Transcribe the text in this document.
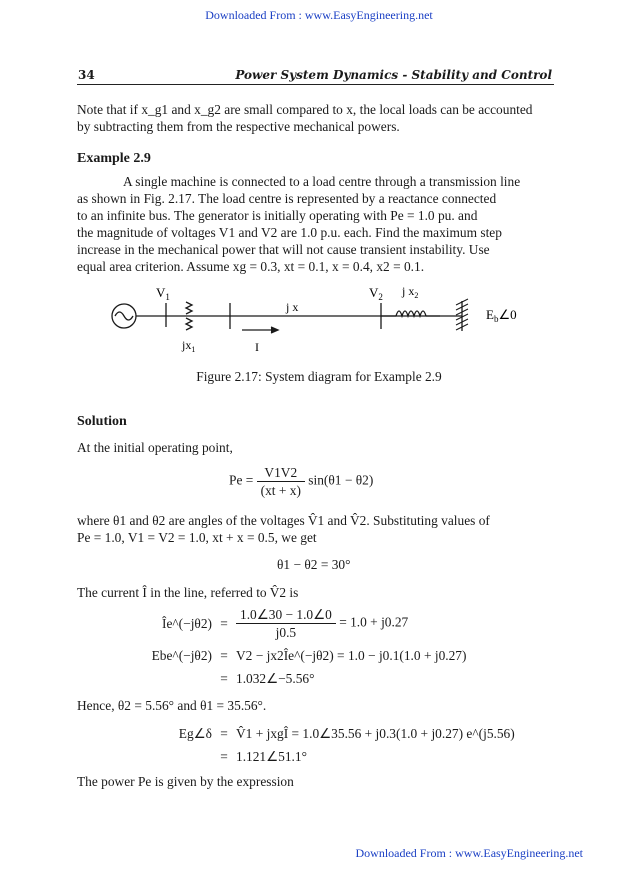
Downloaded From : www.EasyEngineering.net
34	Power System Dynamics - Stability and Control
Note that if x_g1 and x_g2 are small compared to x, the local loads can be accounted
by subtracting them from the respective mechanical powers.
Example 2.9
A single machine is connected to a load centre through a transmission line
as shown in Fig. 2.17. The load centre is represented by a reactance connected
to an infinite bus. The generator is initially operating with Pe = 1.0 pu. and
the magnitude of voltages V1 and V2 are 1.0 p.u. each. Find the maximum step
increase in the mechanical power that will not cause transient instability. Use
equal area criterion. Assume xg = 0.3, xt = 0.1, x = 0.4, x2 = 0.1.
$V_1$
$jx_1$
j x
I
$V_2$ j $x_2$
$E_b\angle 0$
Figure 2.17: System diagram for Example 2.9
Solution
At the initial operating point,
$Pe = \frac{V1V2}{(xt + x)} \sin(\theta 1 - \theta 2)$
where θ1 and θ2 are angles of the voltages V̂1 and V̂2. Substituting values of
Pe = 1.0, V1 = V2 = 1.0, xt + x = 0.5, we get
θ1 − θ2 = 30°
The current Î in the line, referred to V̂2 is
Îe^(−jθ2) = $\frac{1.0\angle 30 - 1.0\angle 0}{j0.5} = 1.0 + j0.27$
Ebe^(−jθ2) = V2 − jx2Îe^(−jθ2) = 1.0 − j0.1(1.0 + j0.27)
= 1.032∠−5.56°
Hence, θ2 = 5.56° and θ1 = 35.56°.
Eg∠δ = V̂1 + jxgÎ = 1.0∠35.56 + j0.3(1.0 + j0.27) e^(j5.56)
= 1.121∠51.1°
The power Pe is given by the expression
Downloaded From : www.EasyEngineering.net
